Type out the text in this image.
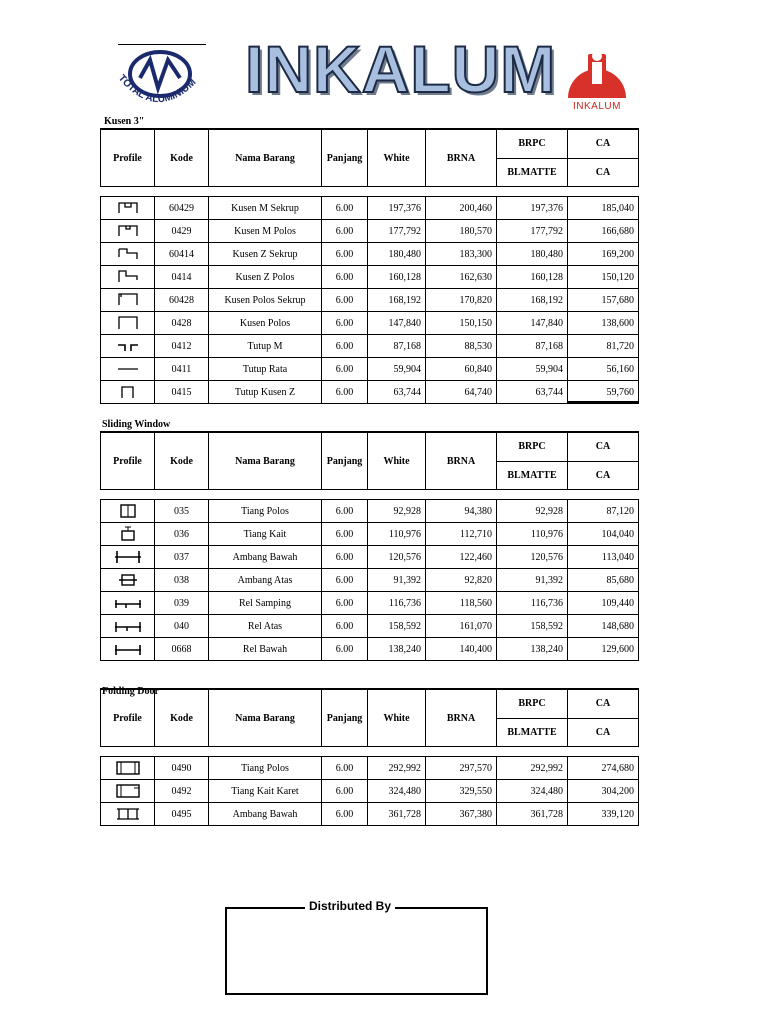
TOTAL ALUMINIUM INKALUM
INKALUM
Kusen 3"
Sliding Window
Folding Door
Profile	Kode	Nama Barang	Panjang	White	BRNA	BRPC	CA
						BLMATTE	CA

	60429	Kusen M Sekrup	6.00	197,376	200,460	197,376	185,040

	0429	Kusen M Polos	6.00	177,792	180,570	177,792	166,680

	60414	Kusen Z Sekrup	6.00	180,480	183,300	180,480	169,200

	0414	Kusen Z Polos	6.00	160,128	162,630	160,128	150,120

	60428	Kusen Polos Sekrup	6.00	168,192	170,820	168,192	157,680

	0428	Kusen Polos	6.00	147,840	150,150	147,840	138,600

	0412	Tutup M	6.00	87,168	88,530	87,168	81,720

	0411	Tutup Rata	6.00	59,904	60,840	59,904	56,160

	0415	Tutup Kusen Z	6.00	63,744	64,740	63,744	59,760
Profile	Kode	Nama Barang	Panjang	White	BRNA	BRPC	CA
						BLMATTE	CA

	035	Tiang Polos	6.00	92,928	94,380	92,928	87,120

	036	Tiang Kait	6.00	110,976	112,710	110,976	104,040

	037	Ambang Bawah	6.00	120,576	122,460	120,576	113,040

	038	Ambang Atas	6.00	91,392	92,820	91,392	85,680

	039	Rel Samping	6.00	116,736	118,560	116,736	109,440

	040	Rel Atas	6.00	158,592	161,070	158,592	148,680

	0668	Rel Bawah	6.00	138,240	140,400	138,240	129,600
Profile	Kode	Nama Barang	Panjang	White	BRNA	BRPC	CA
						BLMATTE	CA

	0490	Tiang Polos	6.00	292,992	297,570	292,992	274,680

	0492	Tiang Kait Karet	6.00	324,480	329,550	324,480	304,200

	0495	Ambang Bawah	6.00	361,728	367,380	361,728	339,120
Distributed By
